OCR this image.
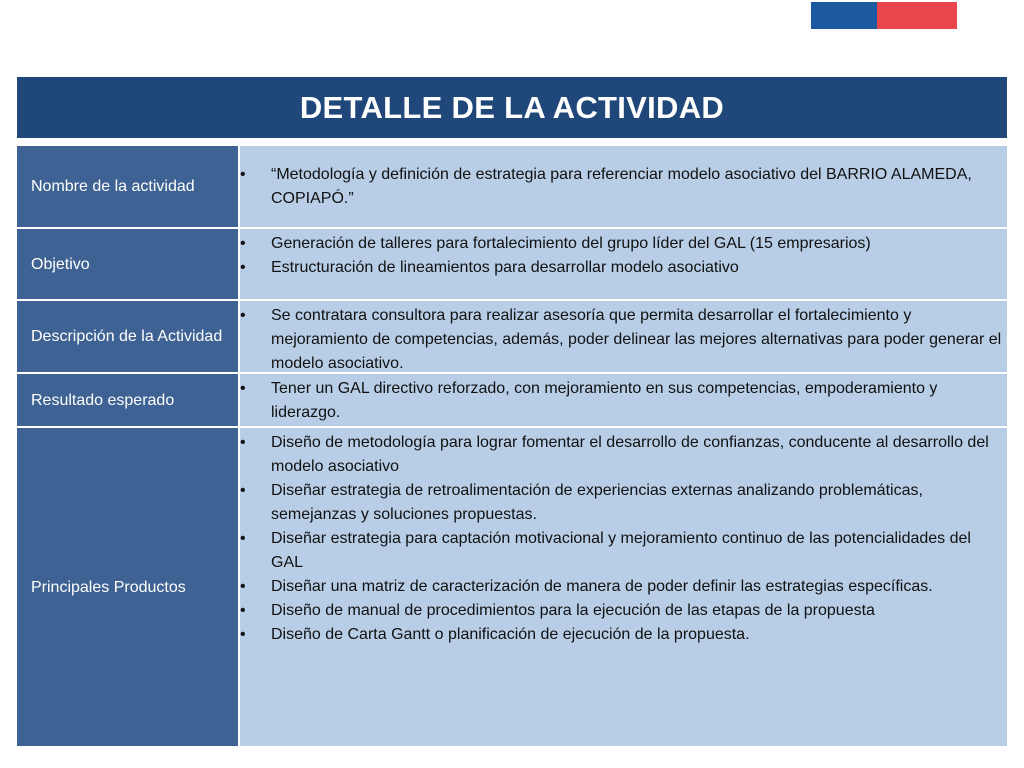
DETALLE DE LA ACTIVIDAD
Nombre de la actividad
• “Metodología y definición de estrategia para referenciar modelo asociativo del BARRIO ALAMEDA, COPIAPÓ.”
Objetivo
• Generación de talleres para fortalecimiento del grupo líder del GAL (15 empresarios)
• Estructuración de lineamientos para desarrollar modelo asociativo
Descripción de la Actividad
• Se contratara consultora para realizar asesoría que permita desarrollar el fortalecimiento y mejoramiento de competencias, además, poder delinear las mejores alternativas para poder generar el modelo asociativo.
Resultado esperado
• Tener un GAL directivo reforzado, con mejoramiento en sus competencias, empoderamiento y liderazgo.
Principales Productos
• Diseño de metodología para lograr fomentar el desarrollo de confianzas, conducente al desarrollo del modelo asociativo
• Diseñar estrategia de retroalimentación de experiencias externas analizando problemáticas, semejanzas y soluciones propuestas.
• Diseñar estrategia para captación motivacional y mejoramiento continuo de las potencialidades del GAL
• Diseñar una matriz de caracterización de manera de poder definir las estrategias específicas.
• Diseño de manual de procedimientos para la ejecución de las etapas de la propuesta
• Diseño de Carta Gantt o planificación de ejecución de la propuesta.
